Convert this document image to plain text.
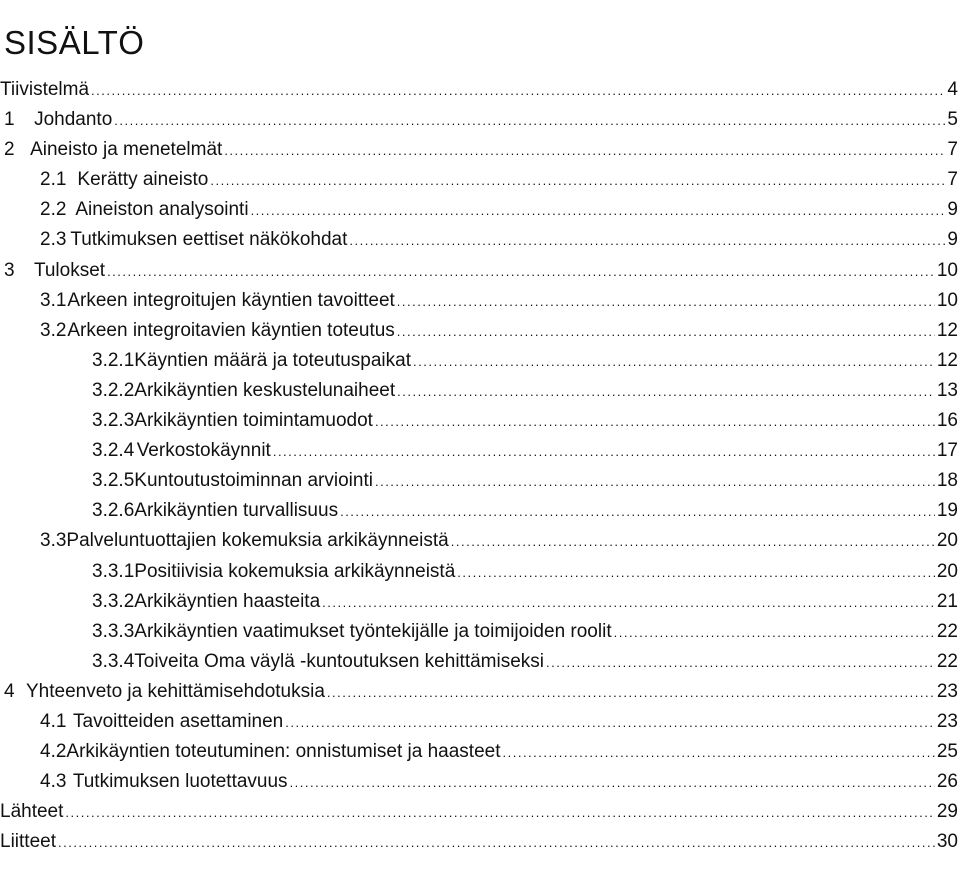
SISÄLTÖ
Tiivistelmä .....	4
1	Johdanto .....	5
2 Aineisto ja menetelmät .....	7
2.1 Kerätty aineisto .....	7
2.2 Aineiston analysointi .....	9
2.3 Tutkimuksen eettiset näkökohdat .....	9
3	Tulokset .....	10
3.1 Arkeen integroitujen käyntien tavoitteet .....	10
3.2 Arkeen integroitavien käyntien toteutus .....	12
3.2.1 Käyntien määrä ja toteutuspaikat .....	12
3.2.2 Arkikäyntien keskustelunaiheet .....	13
3.2.3 Arkikäyntien toimintamuodot .....	16
3.2.4 Verkostokäynnit .....	17
3.2.5 Kuntoutustoiminnan arviointi .....	18
3.2.6 Arkikäyntien turvallisuus .....	19
3.3 Palveluntuottajien kokemuksia arkikäynneistä .....	20
3.3.1 Positiivisia kokemuksia arkikäynneistä .....	20
3.3.2 Arkikäyntien haasteita .....	21
3.3.3 Arkikäyntien vaatimukset työntekijälle ja toimijoiden roolit .....	22
3.3.4 Toiveita Oma väylä -kuntoutuksen kehittämiseksi .....	22
4 Yhteenveto ja kehittämisehdotuksia .....	23
4.1 Tavoitteiden asettaminen .....	23
4.2 Arkikäyntien toteutuminen: onnistumiset ja haasteet .....	25
4.3 Tutkimuksen luotettavuus .....	26
Lähteet .....	29
Liitteet .....	30
